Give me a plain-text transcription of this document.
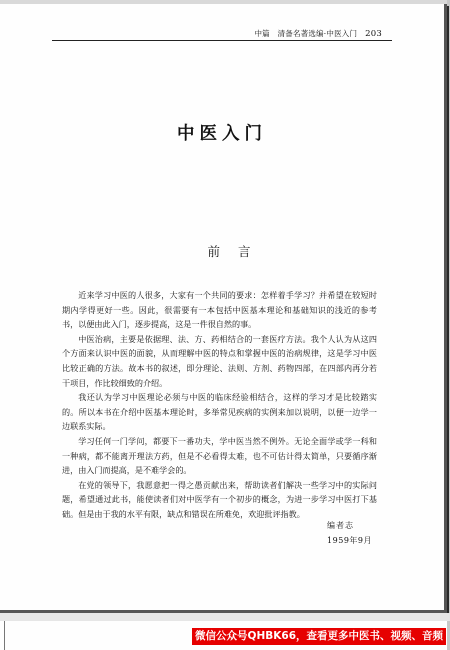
中篇　清备名著选编·中医入门 203
中医入门
前言

近来学习中医的人很多，大家有一个共同的要求：怎样着手学习？并希望在较短时期内学得更好一些。因此，很需要有一本包括中医基本理论和基础知识的浅近的参考书，以便由此入门，逐步提高，这是一件很自然的事。

中医治病，主要是依据理、法、方、药相结合的一套医疗方法。我个人认为从这四个方面来认识中医的面貌，从而理解中医的特点和掌握中医的治病规律，这是学习中医比较正确的方法。故本书的叙述，即分理论、法则、方剂、药物四部，在四部内再分若干项目，作比较细致的介绍。

我还认为学习中医理论必须与中医的临床经验相结合，这样的学习才是比较踏实的。所以本书在介绍中医基本理论时，多举常见疾病的实例来加以说明，以便一边学一边联系实际。

学习任何一门学问，都要下一番功夫，学中医当然不例外。无论全面学或学一科和一种病，都不能离开理法方药，但是不必看得太难，也不可估计得太简单，只要循序渐进，由入门而提高，是不难学会的。

在党的领导下，我愿意把一得之愚贡献出来，帮助读者们解决一些学习中的实际问题，希望通过此书，能使读者们对中医学有一个初步的概念，为进一步学习中医打下基础。但是由于我的水平有限，缺点和错误在所难免，欢迎批评指教。

编者志
1959年9月
微信公众号QHBK66，查看更多中医书、视频、音频
